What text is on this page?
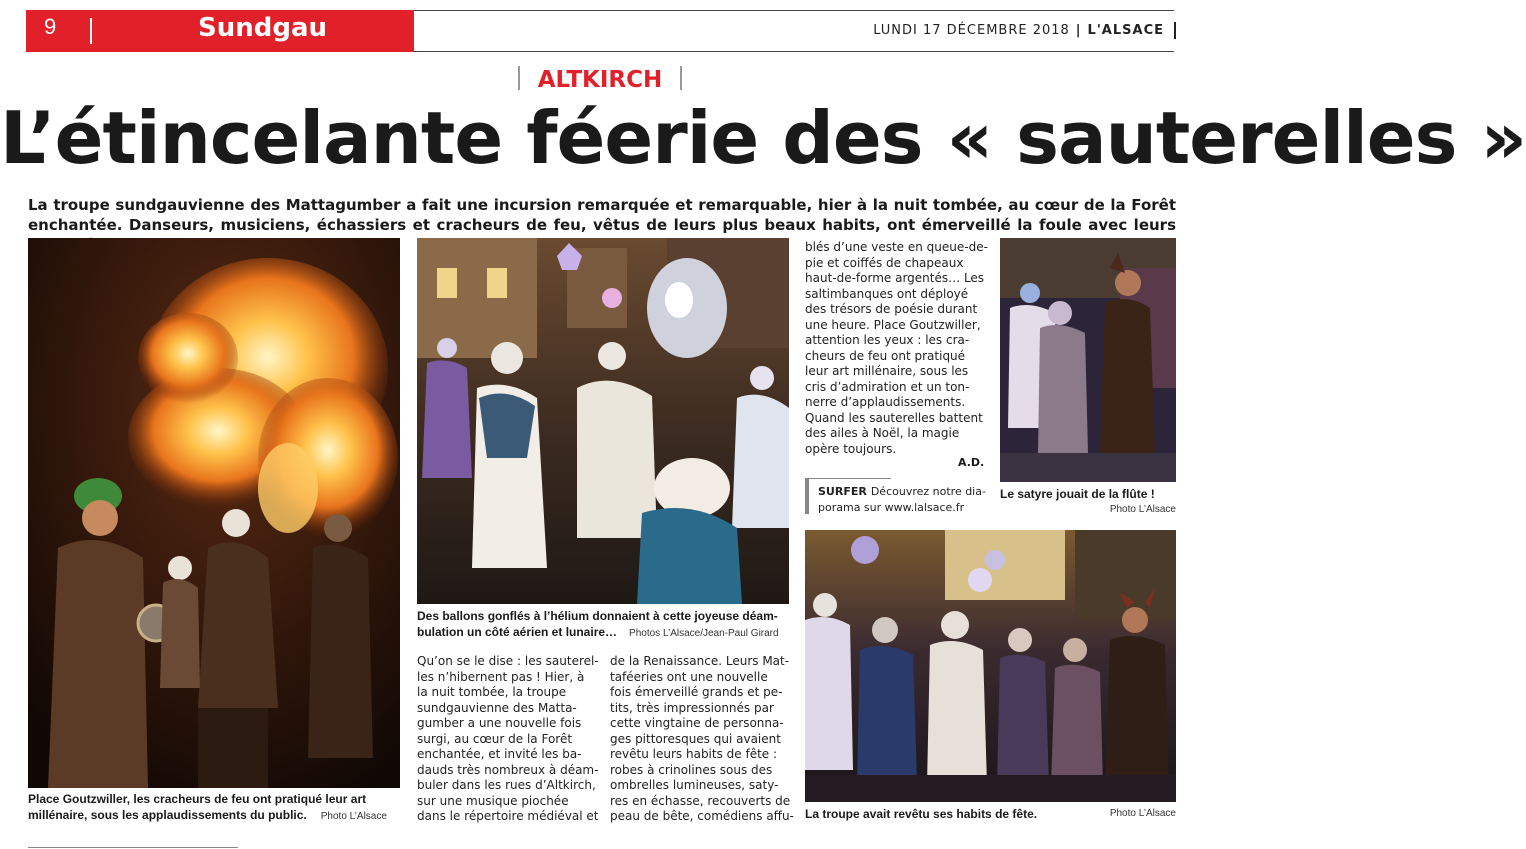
9	Sundgau	LUNDI 17 DÉCEMBRE 2018 | L'ALSACE
ALTKIRCH
L’étincelante féerie des « sauterelles »
La troupe sundgauvienne des Mattagumber a fait une incursion remarquée et remarquable, hier à la nuit tombée, au cœur de la Forêt enchantée. Danseurs, musiciens, échassiers et cracheurs de feu, vêtus de leurs plus beaux habits, ont émerveillé la foule avec leurs
Place Goutzwiller, les cracheurs de feu ont pratiqué leur art
millénaire, sous les applaudissements du public. Photo L’Alsace
Des ballons gonflés à l’hélium donnaient à cette joyeuse déam-
bulation un côté aérien et lunaire… Photos L’Alsace/Jean-Paul Girard
Qu’on se le dise : les sauterel-
les n’hibernent pas ! Hier, à
la nuit tombée, la troupe
sundgauvienne des Matta-
gumber a une nouvelle fois
surgi, au cœur de la Forêt
enchantée, et invité les ba-
dauds très nombreux à déam-
buler dans les rues d’Altkirch,
sur une musique piochée
dans le répertoire médiéval et
de la Renaissance. Leurs Mat-
taféeries ont une nouvelle
fois émerveillé grands et pe-
tits, très impressionnés par
cette vingtaine de personna-
ges pittoresques qui avaient
revêtu leurs habits de fête :
robes à crinolines sous des
ombrelles lumineuses, saty-
res en échasse, recouverts de
peau de bête, comédiens affu-
blés d’une veste en queue-de-
pie et coiffés de chapeaux
haut-de-forme argentés… Les
saltimbanques ont déployé
des trésors de poésie durant
une heure. Place Goutzwiller,
attention les yeux : les cra-
cheurs de feu ont pratiqué
leur art millénaire, sous les
cris d’admiration et un ton-
nerre d’applaudissements.
Quand les sauterelles battent
des ailes à Noël, la magie
opère toujours.
A.D.
SURFER Découvrez notre dia-
porama sur www.lalsace.fr
Le satyre jouait de la flûte !
Photo L’Alsace
La troupe avait revêtu ses habits de fête.	Photo L’Alsace
